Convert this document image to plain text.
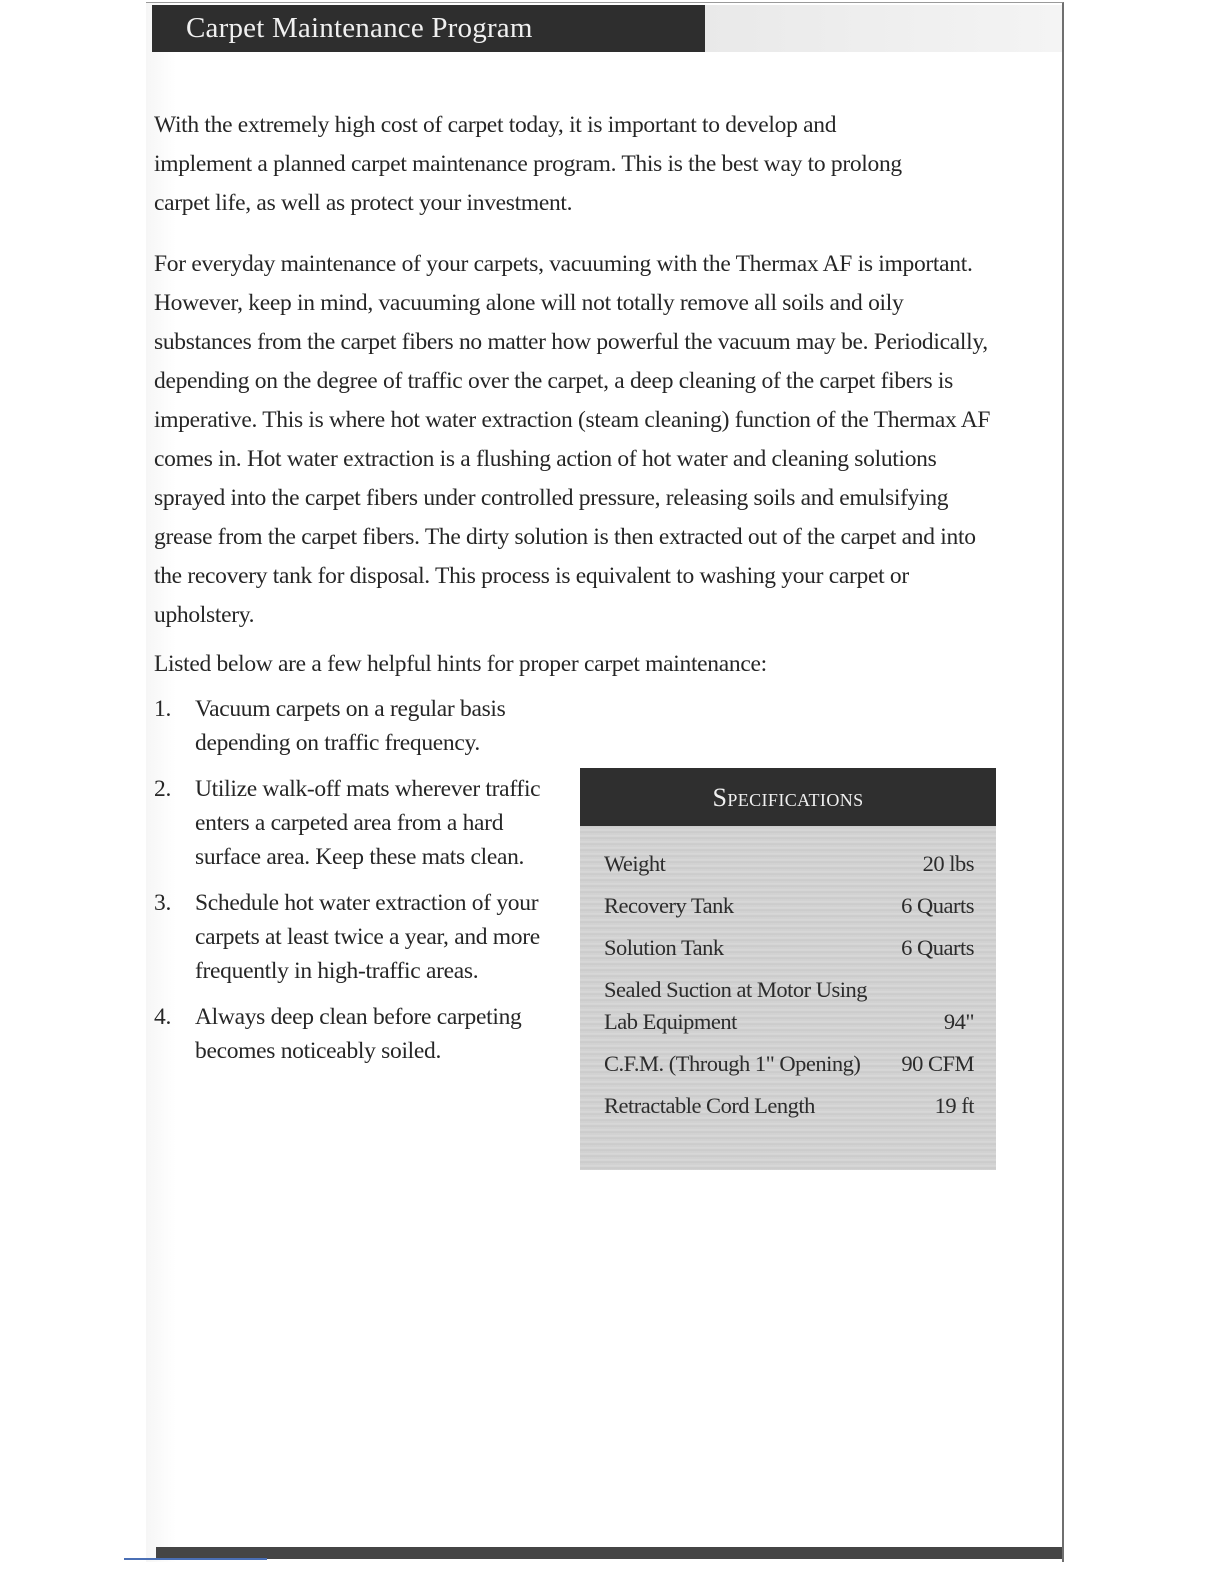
Carpet Maintenance Program

With the extremely high cost of carpet today, it is important to develop and implement a planned carpet maintenance program. This is the best way to prolong carpet life, as well as protect your investment.

For everyday maintenance of your carpets, vacuuming with the Thermax AF is important. However, keep in mind, vacuuming alone will not totally remove all soils and oily substances from the carpet fibers no matter how powerful the vacuum may be. Periodically, depending on the degree of traffic over the carpet, a deep cleaning of the carpet fibers is imperative. This is where hot water extraction (steam cleaning) function of the Thermax AF comes in. Hot water extraction is a flushing action of hot water and cleaning solutions sprayed into the carpet fibers under controlled pressure, releasing soils and emulsifying grease from the carpet fibers. The dirty solution is then extracted out of the carpet and into the recovery tank for disposal. This process is equivalent to washing your carpet or upholstery.

Listed below are a few helpful hints for proper carpet maintenance:

1. Vacuum carpets on a regular basis depending on traffic frequency.
2. Utilize walk-off mats wherever traffic enters a carpeted area from a hard surface area. Keep these mats clean.
3. Schedule hot water extraction of your carpets at least twice a year, and more frequently in high-traffic areas.
4. Always deep clean before carpeting becomes noticeably soiled.
Specifications
Weight	20 lbs
Recovery Tank	6 Quarts
Solution Tank	6 Quarts
Sealed Suction at Motor Using Lab Equipment	94"
C.F.M. (Through 1" Opening) 90 CFM
Retractable Cord Length	19 ft
